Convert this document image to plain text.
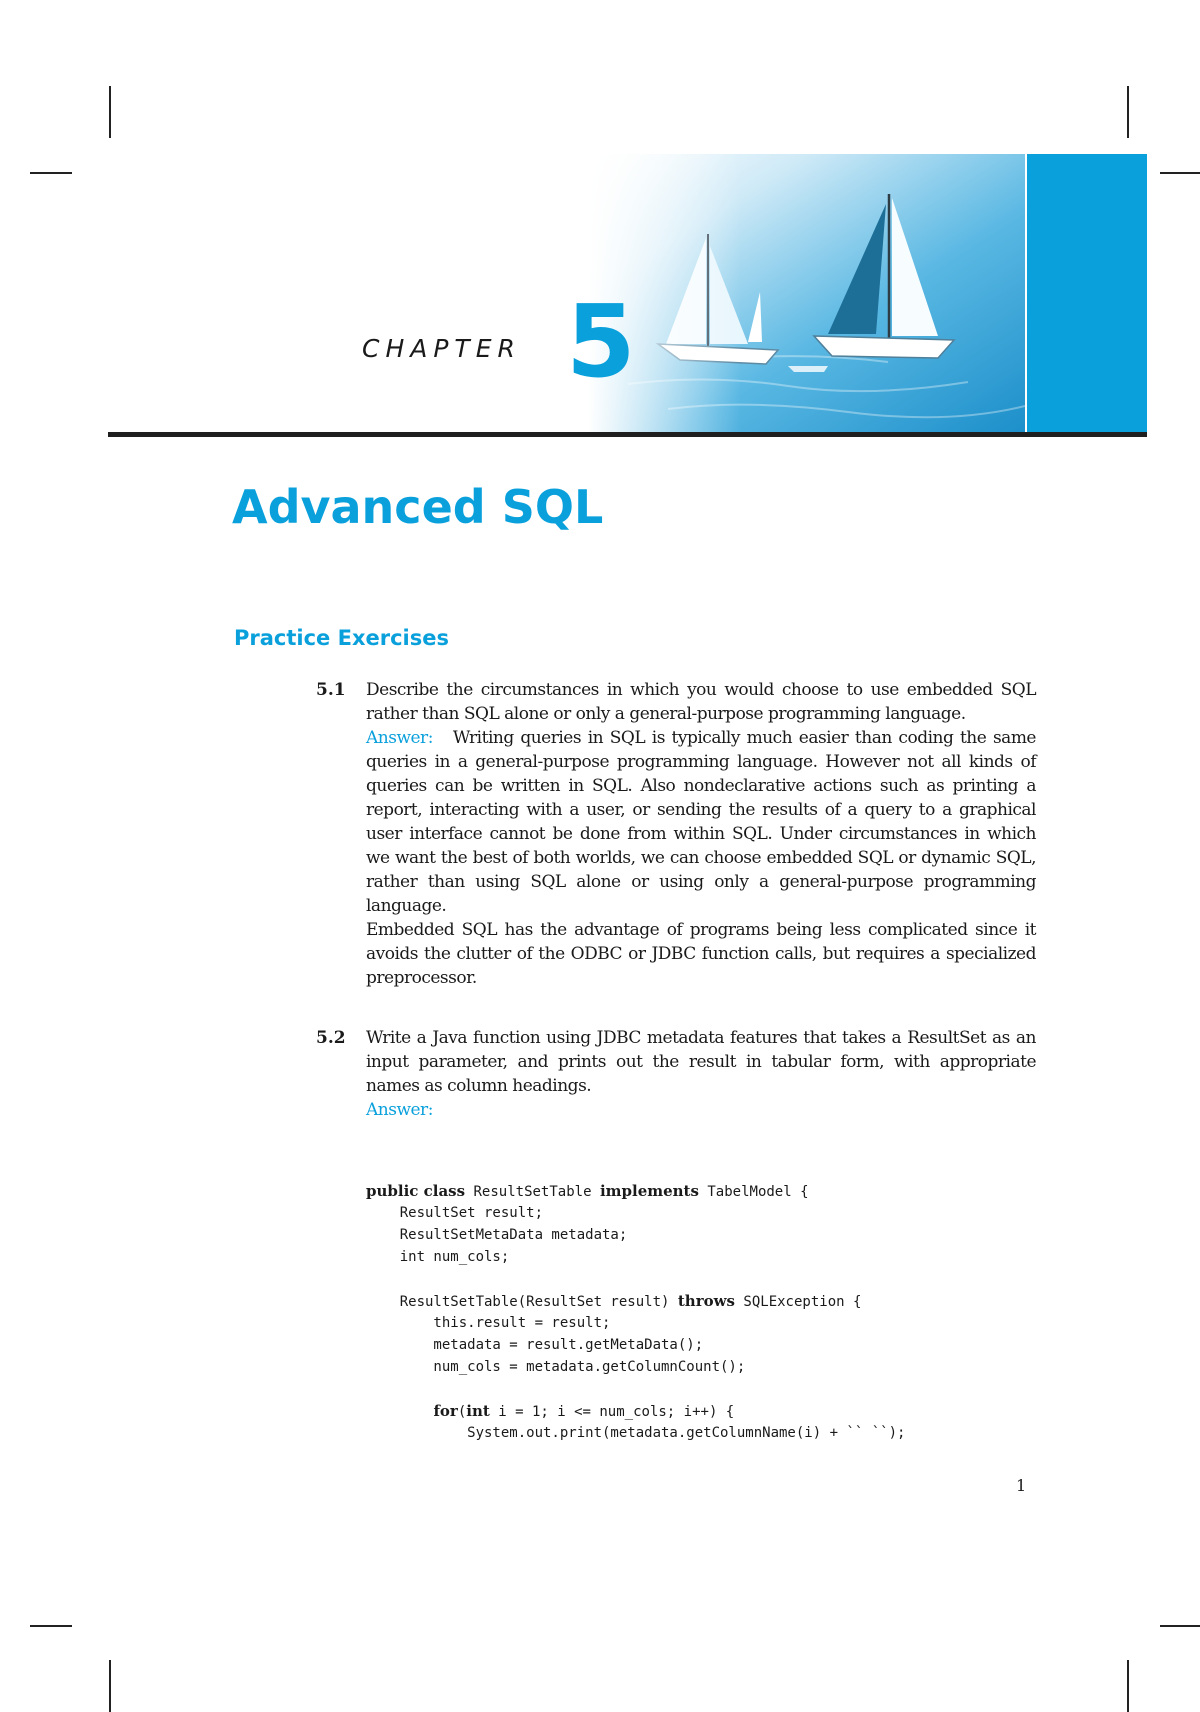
CHAPTER 5
Advanced SQL
Practice Exercises
5.1 Describe the circumstances in which you would choose to use embedded SQL rather than SQL alone or only a general-purpose programming language.

Answer: Writing queries in SQL is typically much easier than coding the same queries in a general-purpose programming language. However not all kinds of queries can be written in SQL. Also nondeclarative actions such as printing a report, interacting with a user, or sending the results of a query to a graphical user interface cannot be done from within SQL. Under circumstances in which we want the best of both worlds, we can choose embedded SQL or dynamic SQL, rather than using SQL alone or using only a general-purpose programming language.

Embedded SQL has the advantage of programs being less complicated since it avoids the clutter of the ODBC or JDBC function calls, but requires a specialized preprocessor.

5.2 Write a Java function using JDBC metadata features that takes a ResultSet as an input parameter, and prints out the result in tabular form, with appropriate names as column headings.

Answer:

public class ResultSetTable implements TabelModel {
ResultSet result;
ResultSetMetaData metadata;
int num_cols;
ResultSetTable(ResultSet result) throws SQLException {
this.result = result;
metadata = result.getMetaData();
num_cols = metadata.getColumnCount();
for(int i = 1; i <= num_cols; i++) {
System.out.print(metadata.getColumnName(i) + `` ``);
1
